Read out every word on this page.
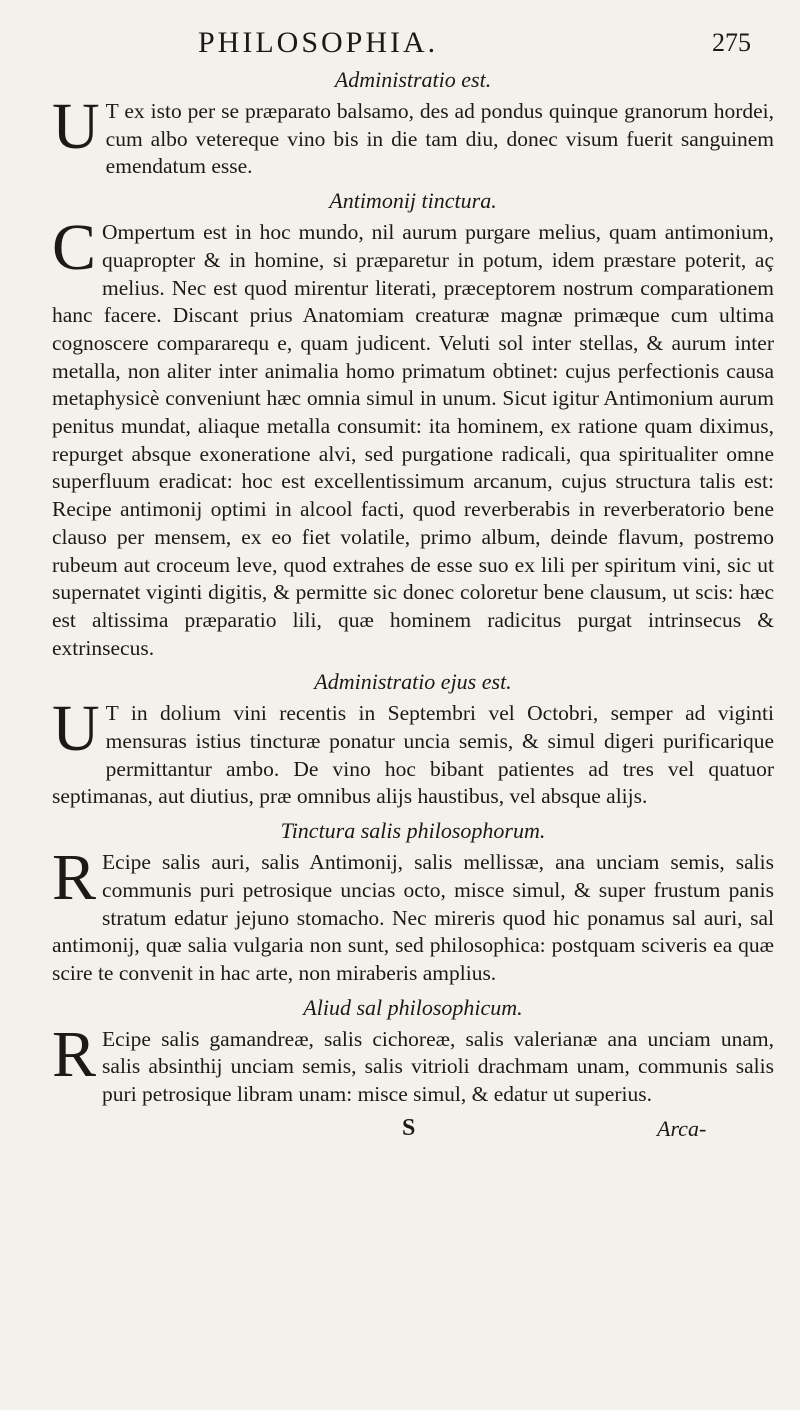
PHILOSOPHIA.	275
Administratio est.

U T ex isto per se præparato balsamo, des ad pondus quinque granorum hordei, cum albo vetereque vino bis in die tam diu, donec visum fuerit sanguinem emendatum esse.

Antimonij tinctura.

C Ompertum est in hoc mundo, nil aurum purgare melius, quam antimonium, quapropter & in homine, si præparetur in potum, idem præstare poterit, aç melius. Nec est quod mirentur literati, præceptorem nostrum comparationem hanc facere. Discant prius Anatomiam creaturæ magnæ primæque cum ultima cognoscere compararequ e, quam judicent. Veluti sol inter stellas, & aurum inter metalla, non aliter inter animalia homo primatum obtinet: cujus perfectionis causa metaphysicè conveniunt hæc omnia simul in unum. Sicut igitur Antimonium aurum penitus mundat, aliaque metalla consumit: ita hominem, ex ratione quam diximus, repurget absque exoneratione alvi, sed purgatione radicali, qua spiritualiter omne superfluum eradicat: hoc est excellentissimum arcanum, cujus structura talis est: Recipe antimonij optimi in alcool facti, quod reverberabis in reverberatorio bene clauso per mensem, ex eo fiet volatile, primo album, deinde flavum, postremo rubeum aut croceum leve, quod extrahes de esse suo ex lili per spiritum vini, sic ut supernatet viginti digitis, & permitte sic donec coloretur bene clausum, ut scis: hæc est altissima præparatio lili, quæ hominem radicitus purgat intrinsecus & extrinsecus.

Administratio ejus est.

U T in dolium vini recentis in Septembri vel Octobri, semper ad viginti mensuras istius tincturæ ponatur uncia semis, & simul digeri purificarique permittantur ambo. De vino hoc bibant patientes ad tres vel quatuor septimanas, aut diutius, præ omnibus alijs haustibus, vel absque alijs.

Tinctura salis philosophorum.

R Ecipe salis auri, salis Antimonij, salis mellissæ, ana unciam semis, salis communis puri petrosique uncias octo, misce simul, & super frustum panis stratum edatur jejuno stomacho. Nec mireris quod hic ponamus sal auri, sal antimonij, quæ salia vulgaria non sunt, sed philosophica: postquam sciveris ea quæ scire te convenit in hac arte, non miraberis amplius.

Aliud sal philosophicum.

R Ecipe salis gamandreæ, salis cichoreæ, salis valerianæ ana unciam unam, salis absinthij unciam semis, salis vitrioli drachmam unam, communis salis puri petrosique libram unam: misce simul, & edatur ut superius.

S	Arca-
